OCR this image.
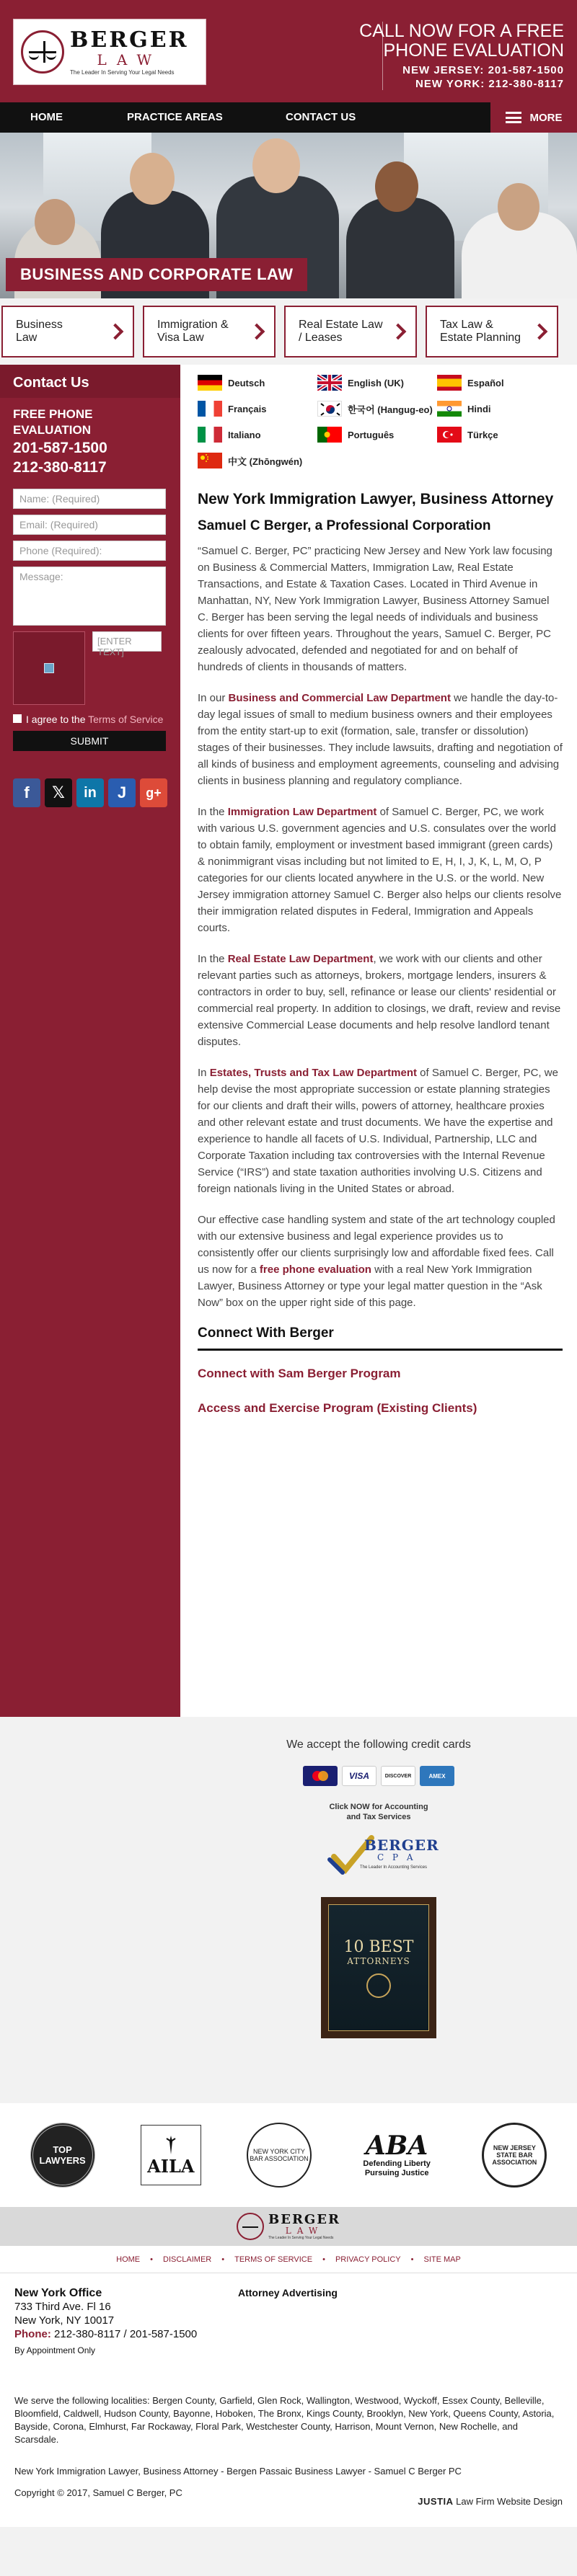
BERGER
LAW
The Leader In Serving Your Legal Needs
CALL NOW FOR A FREE
PHONE EVALUATION
NEW JERSEY: 201-587-1500
NEW YORK: 212-380-8117
HOME	PRACTICE AREAS	CONTACT US	MORE
BUSINESS AND CORPORATE LAW
Business
Law
Immigration &
Visa Law
Real Estate Law
/ Leases
Tax Law &
Estate Planning
Contact Us
FREE PHONE
EVALUATION
201-587-1500
212-380-8117
Name: (Required)
Email: (Required)
Phone (Required):
Message:
[ENTER TEXT]
I agree to the Terms of Service
SUBMIT
f	𝕏	in	J	g+
Deutsch	English (UK)	Español
Français	한국어 (Hangug-eo)	Hindi
Italiano	Português	Türkçe
中文 (Zhōngwén)
New York Immigration Lawyer, Business Attorney
Samuel C Berger, a Professional Corporation

“Samuel C. Berger, PC” practicing New Jersey and New York law focusing on Business & Commercial Matters, Immigration Law, Real Estate Transactions, and Estate & Taxation Cases. Located in Third Avenue in Manhattan, NY, New York Immigration Lawyer, Business Attorney Samuel C. Berger has been serving the legal needs of individuals and business clients for over fifteen years. Throughout the years, Samuel C. Berger, PC zealously advocated, defended and negotiated for and on behalf of hundreds of clients in thousands of matters.

In our Business and Commercial Law Department we handle the day-to-day legal issues of small to medium business owners and their employees from the entity start-up to exit (formation, sale, transfer or dissolution) stages of their businesses. They include lawsuits, drafting and negotiation of all kinds of business and employment agreements, counseling and advising clients in business planning and regulatory compliance.

In the Immigration Law Department of Samuel C. Berger, PC, we work with various U.S. government agencies and U.S. consulates over the world to obtain family, employment or investment based immigrant (green cards) & nonimmigrant visas including but not limited to E, H, I, J, K, L, M, O, P categories for our clients located anywhere in the U.S. or the world. New Jersey immigration attorney Samuel C. Berger also helps our clients resolve their immigration related disputes in Federal, Immigration and Appeals courts.

In the Real Estate Law Department, we work with our clients and other relevant parties such as attorneys, brokers, mortgage lenders, insurers & contractors in order to buy, sell, refinance or lease our clients' residential or commercial real property. In addition to closings, we draft, review and revise extensive Commercial Lease documents and help resolve landlord tenant disputes.

In Estates, Trusts and Tax Law Department of Samuel C. Berger, PC, we help devise the most appropriate succession or estate planning strategies for our clients and draft their wills, powers of attorney, healthcare proxies and other relevant estate and trust documents. We have the expertise and experience to handle all facets of U.S. Individual, Partnership, LLC and Corporate Taxation including tax controversies with the Internal Revenue Service (“IRS”) and state taxation authorities involving U.S. Citizens and foreign nationals living in the United States or abroad.

Our effective case handling system and state of the art technology coupled with our extensive business and legal experience provides us to consistently offer our clients surprisingly low and affordable fixed fees. Call us now for a free phone evaluation with a real New York Immigration Lawyer, Business Attorney or type your legal matter question in the “Ask Now” box on the upper right side of this page.

Connect With Berger
Connect with Sam Berger Program
Access and Exercise Program (Existing Clients)
We accept the following credit cards
VISA	DISCOVER	AMEX
Click NOW for Accounting
and Tax Services
BERGER
C P A
The Leader In Accounting Services
10 BEST
ATTORNEYS
TOP LAWYERS	AILA
NEW YORK CITY BAR ASSOCIATION ABA
Defending Liberty
Pursuing Justice
NEW JERSEY STATE BAR ASSOCIATION
BERGER
LAW
The Leader In Serving Your Legal Needs
HOME • DISCLAIMER • TERMS OF SERVICE • PRIVACY POLICY • SITE MAP
New York Office
733 Third Ave. Fl 16
New York, NY 10017
Phone: 212-380-8117 / 201-587-1500
By Appointment Only
Attorney Advertising
We serve the following localities: Bergen County, Garfield, Glen Rock, Wallington, Westwood, Wyckoff, Essex County, Belleville, Bloomfield, Caldwell, Hudson County, Bayonne, Hoboken, The Bronx, Kings County, Brooklyn, New York, Queens County, Astoria, Bayside, Corona, Elmhurst, Far Rockaway, Floral Park, Westchester County, Harrison, Mount Vernon, New Rochelle, and Scarsdale.
New York Immigration Lawyer, Business Attorney - Bergen Passaic Business Lawyer - Samuel C Berger PC
Copyright © 2017, Samuel C Berger, PC
JUSTIA Law Firm Website Design
